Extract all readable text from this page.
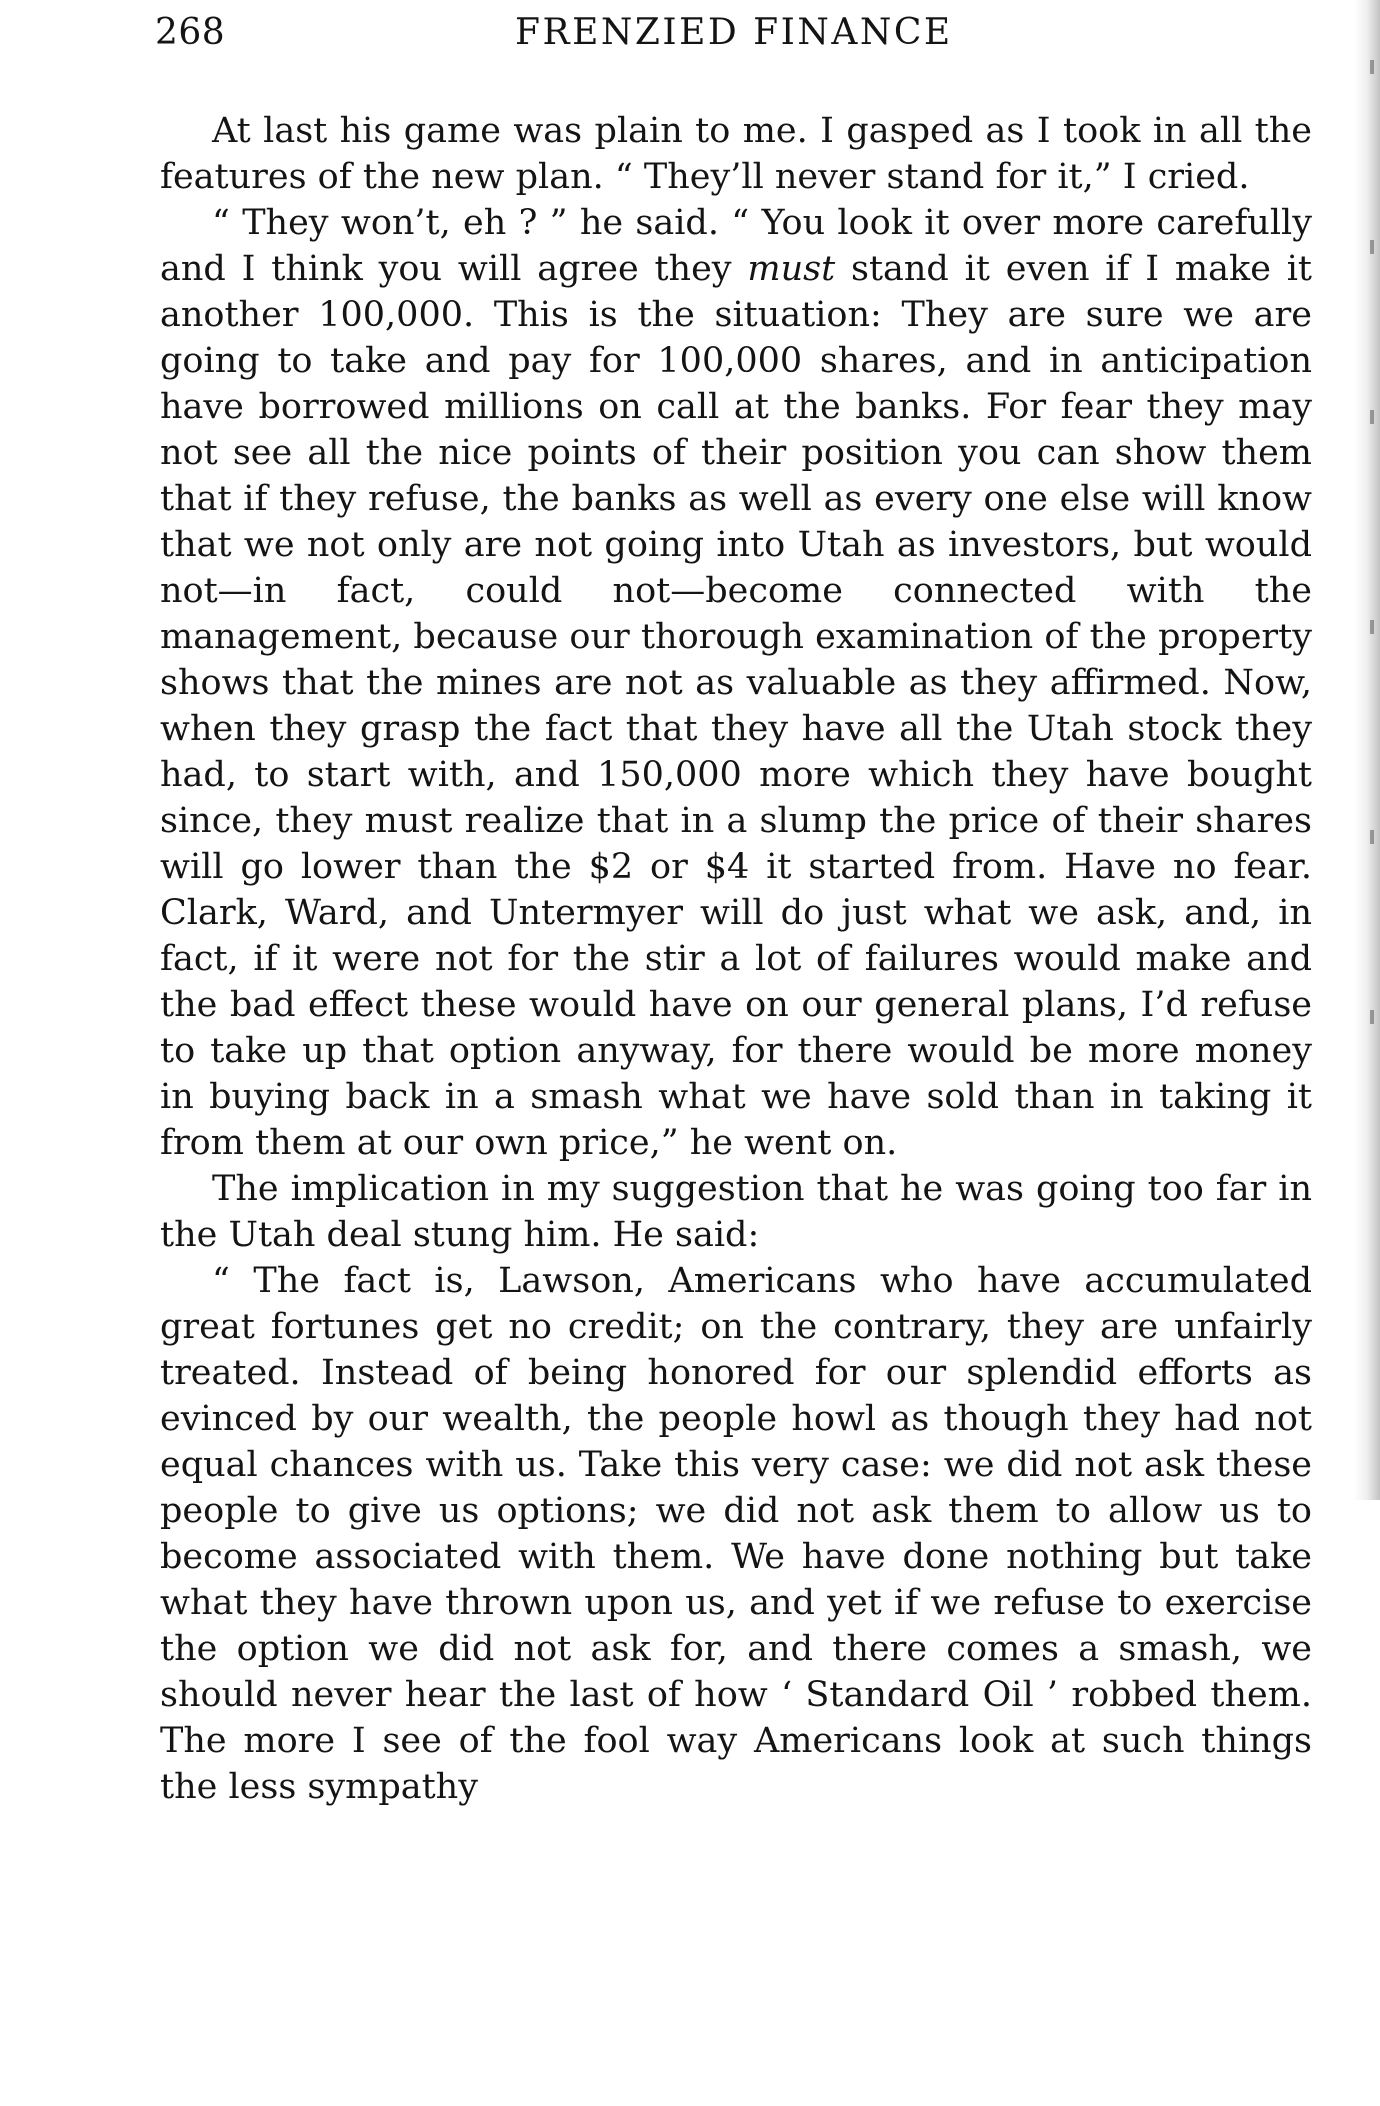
268	FRENZIED FINANCE

At last his game was plain to me. I gasped as I took in all the features of the new plan. “ They’ll never stand for it,” I cried.

“ They won’t, eh ? ” he said. “ You look it over more carefully and I think you will agree they must stand it even if I make it another 100,000. This is the situation: They are sure we are going to take and pay for 100,000 shares, and in anticipation have borrowed millions on call at the banks. For fear they may not see all the nice points of their position you can show them that if they refuse, the banks as well as every one else will know that we not only are not going into Utah as investors, but would not—in fact, could not—become connected with the management, because our thorough examination of the property shows that the mines are not as valuable as they affirmed. Now, when they grasp the fact that they have all the Utah stock they had, to start with, and 150,000 more which they have bought since, they must realize that in a slump the price of their shares will go lower than the $2 or $4 it started from. Have no fear. Clark, Ward, and Untermyer will do just what we ask, and, in fact, if it were not for the stir a lot of failures would make and the bad effect these would have on our general plans, I’d refuse to take up that option anyway, for there would be more money in buying back in a smash what we have sold than in taking it from them at our own price,” he went on.

The implication in my suggestion that he was going too far in the Utah deal stung him. He said:

“ The fact is, Lawson, Americans who have accumulated great fortunes get no credit; on the contrary, they are unfairly treated. Instead of being honored for our splendid efforts as evinced by our wealth, the people howl as though they had not equal chances with us. Take this very case: we did not ask these people to give us options; we did not ask them to allow us to become associated with them. We have done nothing but take what they have thrown upon us, and yet if we refuse to exercise the option we did not ask for, and there comes a smash, we should never hear the last of how ‘ Standard Oil ’ robbed them. The more I see of the fool way Americans look at such things the less sympathy
